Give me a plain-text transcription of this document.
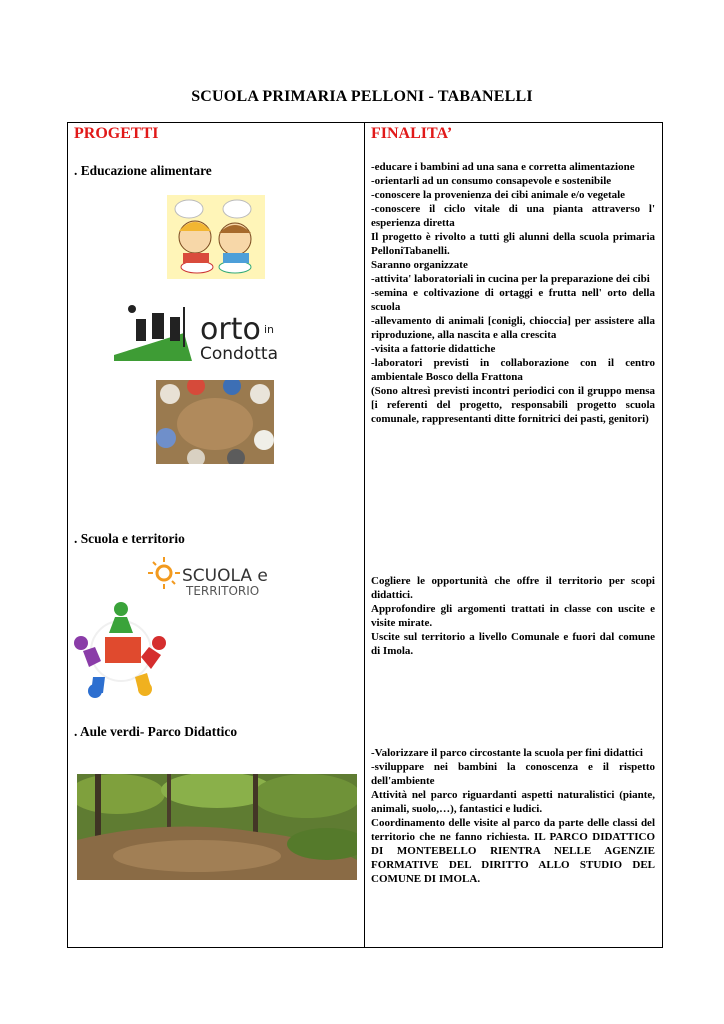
SCUOLA PRIMARIA PELLONI - TABANELLI
PROGETTI	FINALITA’
. Educazione alimentare
orto in
Condotta

-educare i bambini ad una sana e corretta alimentazione

-orientarli ad un consumo consapevole e sostenibile

-conoscere la provenienza dei cibi animale e/o vegetale

-conoscere il ciclo vitale di una pianta attraverso l' esperienza diretta

Il progetto è rivolto a tutti gli alunni della scuola primaria PelloniTabanelli.

Saranno organizzate

-attivita' laboratoriali in cucina per la preparazione dei cibi

-semina e coltivazione di ortaggi e frutta nell' orto della scuola

-allevamento di animali [conigli, chioccia] per assistere alla riproduzione, alla nascita e alla crescita

-visita a fattorie didattiche

-laboratori previsti in collaborazione con il centro ambientale Bosco della Frattona

(Sono altresì previsti incontri periodici con il gruppo mensa [i referenti del progetto, responsabili progetto scuola comunale, rappresentanti ditte fornitrici dei pasti, genitori)

. Scuola e territorio
SCUOLA e
TERRITORIO

Cogliere le opportunità che offre il territorio per scopi didattici.

Approfondire gli argomenti trattati in classe con uscite e visite mirate.

Uscite sul territorio a livello Comunale e fuori dal comune di Imola.

. Aule verdi- Parco Didattico

-Valorizzare il parco circostante la scuola per fini didattici

-sviluppare nei bambini la conoscenza e il rispetto dell'ambiente

Attività nel parco riguardanti aspetti naturalistici (piante, animali, suolo,…), fantastici e ludici.

Coordinamento delle visite al parco da parte delle classi del territorio che ne fanno richiesta. IL PARCO DIDATTICO DI MONTEBELLO RIENTRA NELLE AGENZIE FORMATIVE DEL DIRITTO ALLO STUDIO DEL COMUNE DI IMOLA.
